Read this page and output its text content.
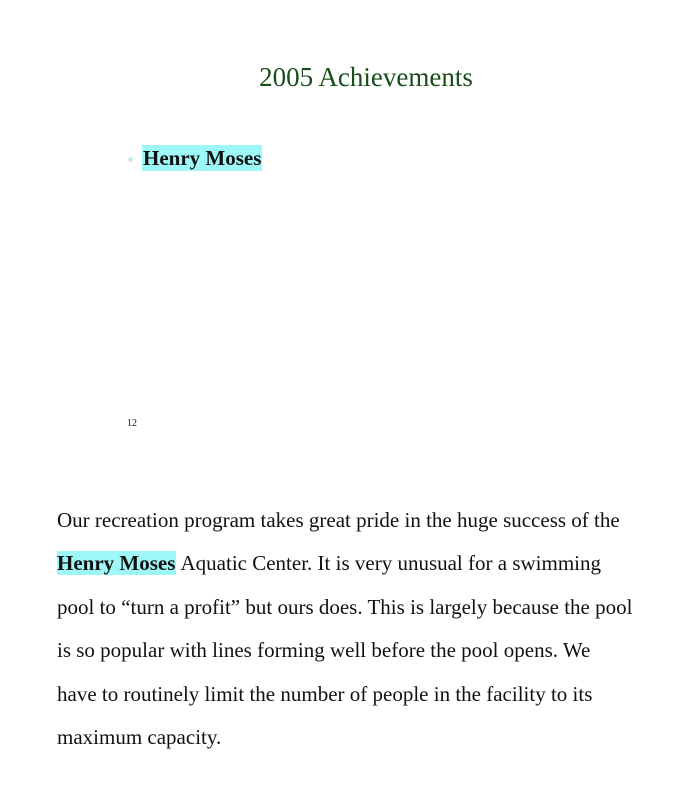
2005 Achievements
Henry Moses
12
Our recreation program takes great pride in the huge success of the
Henry Moses Aquatic Center. It is very unusual for a swimming
pool to “turn a profit” but ours does. This is largely because the pool
is so popular with lines forming well before the pool opens. We
have to routinely limit the number of people in the facility to its
maximum capacity.
